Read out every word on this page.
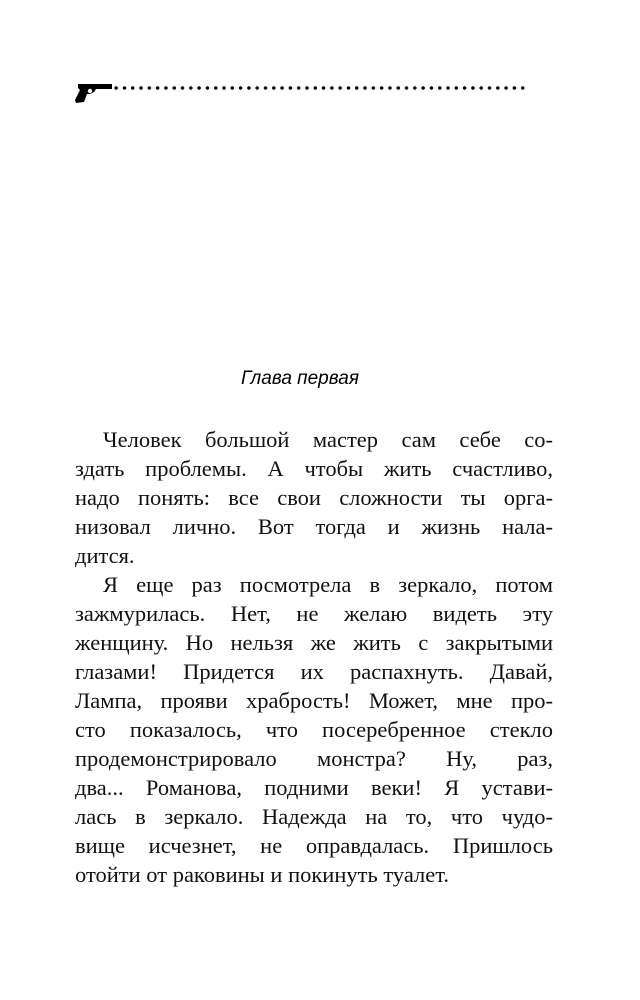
Глава первая
Человек большой мастер сам себе со-
здать проблемы. А чтобы жить счастливо,
надо понять: все свои сложности ты орга-
низовал лично. Вот тогда и жизнь нала-
дится.
Я еще раз посмотрела в зеркало, потом
зажмурилась. Нет, не желаю видеть эту
женщину. Но нельзя же жить с закрытыми
глазами! Придется их распахнуть. Давай,
Лампа, прояви храбрость! Может, мне про-
сто показалось, что посеребренное стекло
продемонстрировало монстра? Ну, раз,
два... Романова, подними веки! Я устави-
лась в зеркало. Надежда на то, что чудо-
вище исчезнет, не оправдалась. Пришлось
отойти от раковины и покинуть туалет.
